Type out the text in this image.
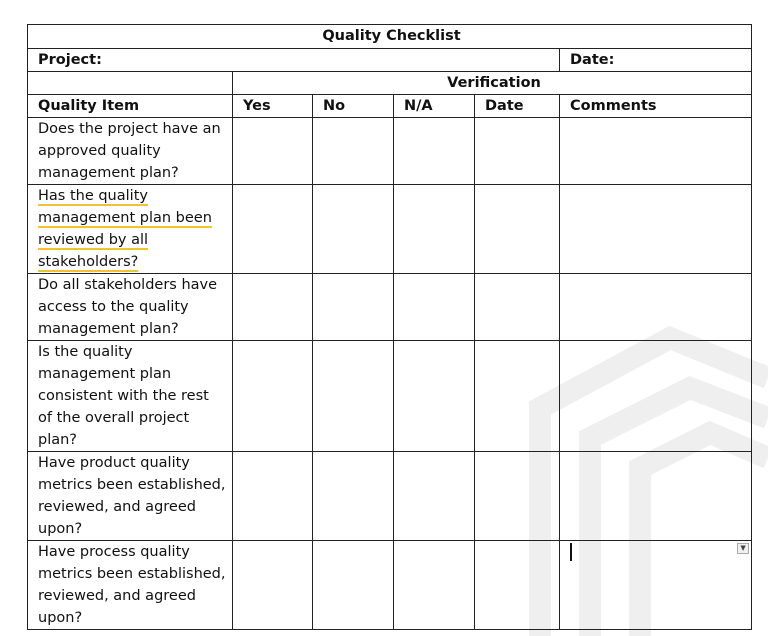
Quality Checklist					
Project:					Date:
	Verification				
Quality Item	Yes	No	N/A	Date	Comments
Does the project have an approved quality management plan?					
Has the quality management plan been reviewed by all stakeholders?					
Do all stakeholders have access to the quality management plan?					
Is the quality management plan consistent with the rest of the overall project plan?					
Have product quality metrics been established, reviewed, and agreed upon?					
Have process quality metrics been established, reviewed, and agreed upon?					▼
